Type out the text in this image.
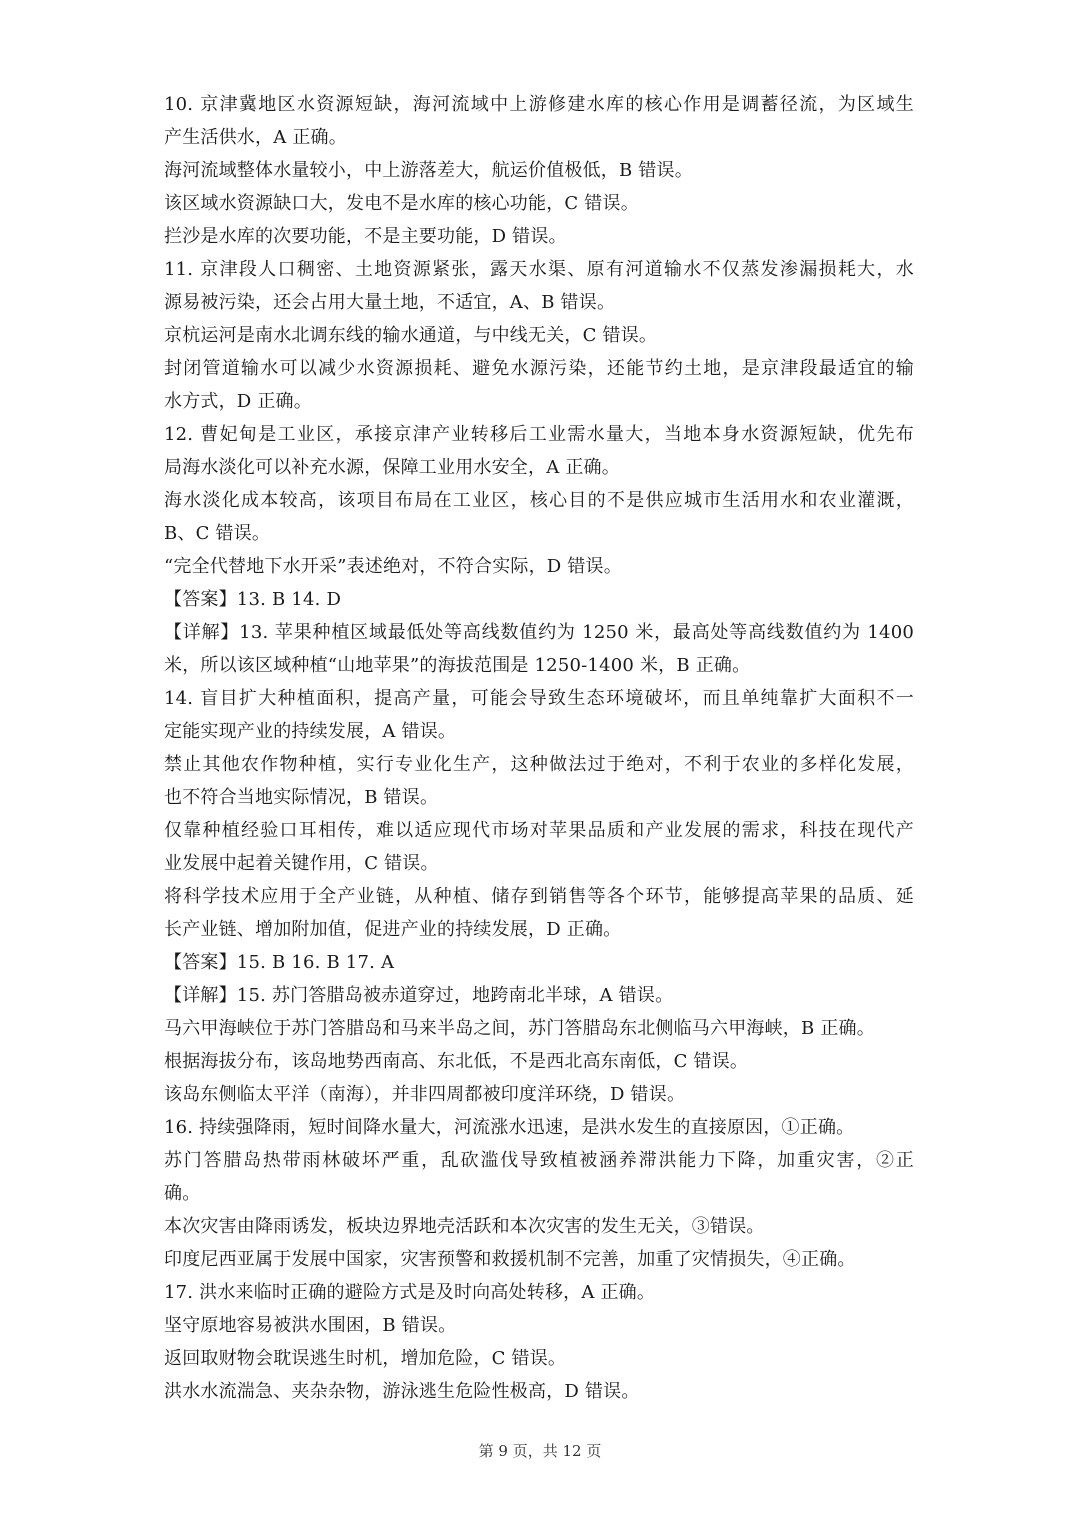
10. 京津冀地区水资源短缺，海河流域中上游修建水库的核心作用是调蓄径流，为区域生
产生活供水，A 正确。
海河流域整体水量较小，中上游落差大，航运价值极低，B 错误。
该区域水资源缺口大，发电不是水库的核心功能，C 错误。
拦沙是水库的次要功能，不是主要功能，D 错误。
11. 京津段人口稠密、土地资源紧张，露天水渠、原有河道输水不仅蒸发渗漏损耗大，水
源易被污染，还会占用大量土地，不适宜，A、B 错误。
京杭运河是南水北调东线的输水通道，与中线无关，C 错误。
封闭管道输水可以减少水资源损耗、避免水源污染，还能节约土地，是京津段最适宜的输
水方式，D 正确。
12. 曹妃甸是工业区，承接京津产业转移后工业需水量大，当地本身水资源短缺，优先布
局海水淡化可以补充水源，保障工业用水安全，A 正确。
海水淡化成本较高，该项目布局在工业区，核心目的不是供应城市生活用水和农业灌溉，
B、C 错误。
“完全代替地下水开采”表述绝对，不符合实际，D 错误。
【答案】13. B 14. D
【详解】13. 苹果种植区域最低处等高线数值约为 1250 米，最高处等高线数值约为 1400
米，所以该区域种植“山地苹果”的海拔范围是 1250-1400 米，B 正确。
14. 盲目扩大种植面积，提高产量，可能会导致生态环境破坏，而且单纯靠扩大面积不一
定能实现产业的持续发展，A 错误。
禁止其他农作物种植，实行专业化生产，这种做法过于绝对，不利于农业的多样化发展，
也不符合当地实际情况，B 错误。
仅靠种植经验口耳相传，难以适应现代市场对苹果品质和产业发展的需求，科技在现代产
业发展中起着关键作用，C 错误。
将科学技术应用于全产业链，从种植、储存到销售等各个环节，能够提高苹果的品质、延
长产业链、增加附加值，促进产业的持续发展，D 正确。
【答案】15. B 16. B 17. A
【详解】15. 苏门答腊岛被赤道穿过，地跨南北半球，A 错误。
马六甲海峡位于苏门答腊岛和马来半岛之间，苏门答腊岛东北侧临马六甲海峡，B 正确。
根据海拔分布，该岛地势西南高、东北低，不是西北高东南低，C 错误。
该岛东侧临太平洋（南海），并非四周都被印度洋环绕，D 错误。
16. 持续强降雨，短时间降水量大，河流涨水迅速，是洪水发生的直接原因，①正确。
苏门答腊岛热带雨林破坏严重，乱砍滥伐导致植被涵养滞洪能力下降，加重灾害，②正
确。
本次灾害由降雨诱发，板块边界地壳活跃和本次灾害的发生无关，③错误。
印度尼西亚属于发展中国家，灾害预警和救援机制不完善，加重了灾情损失，④正确。
17. 洪水来临时正确的避险方式是及时向高处转移，A 正确。
坚守原地容易被洪水围困，B 错误。
返回取财物会耽误逃生时机，增加危险，C 错误。
洪水水流湍急、夹杂杂物，游泳逃生危险性极高，D 错误。
第 9 页，共 12 页
